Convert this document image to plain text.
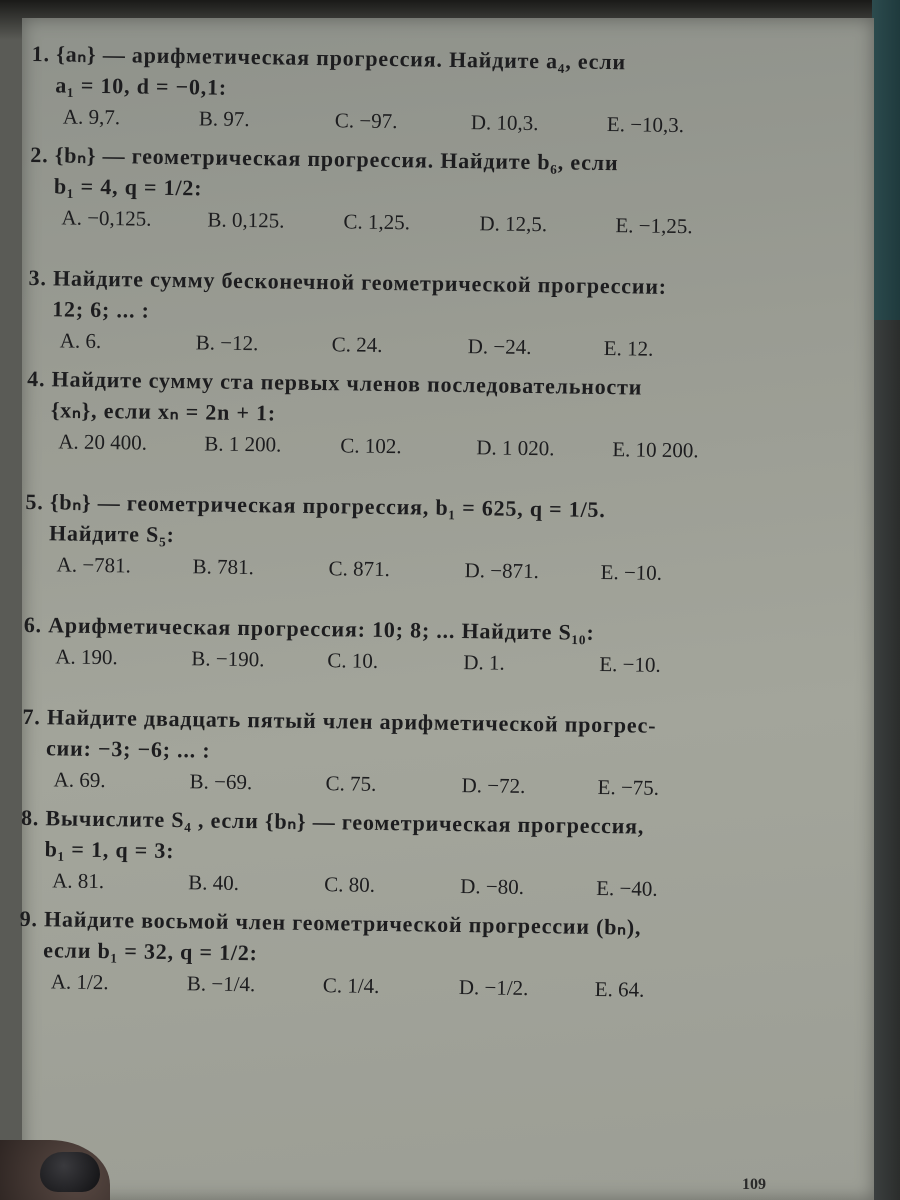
1. {aₙ} — арифметическая прогрессия. Найдите a₄, если
a₁ = 10, d = −0,1:
A. 9,7.	B. 97.	C. −97.	D. 10,3.	E. −10,3.
2. {bₙ} — геометрическая прогрессия. Найдите b₆, если
b₁ = 4, q = 1/2:
A. −0,125.	B. 0,125.	C. 1,25.	D. 12,5.	E. −1,25.
3. Найдите сумму бесконечной геометрической прогрессии:
12; 6; ... :
A. 6.	B. −12.	C. 24.	D. −24.	E. 12.
4. Найдите сумму ста первых членов последовательности
{xₙ}, если xₙ = 2n + 1:
A. 20 400.	B. 1 200.	C. 102.	D. 1 020.	E. 10 200.
5. {bₙ} — геометрическая прогрессия, b₁ = 625, q = 1/5.
Найдите S₅:
A. −781.	B. 781.	C. 871.	D. −871.	E. −10.
6. Арифметическая прогрессия: 10; 8; ... Найдите S₁₀:
A. 190.	B. −190.	C. 10.	D. 1.	E. −10.
7. Найдите двадцать пятый член арифметической прогрес-
сии: −3; −6; ... :
A. 69.	B. −69.	C. 75.	D. −72.	E. −75.
8. Вычислите S₄ , если {bₙ} — геометрическая прогрессия,
b₁ = 1, q = 3:
A. 81.	B. 40.	C. 80.	D. −80.	E. −40.
9. Найдите восьмой член геометрической прогрессии (bₙ),
если b₁ = 32, q = 1/2:
A. 1/2.	B. −1/4.	C. 1/4.	D. −1/2.	E. 64.
109
